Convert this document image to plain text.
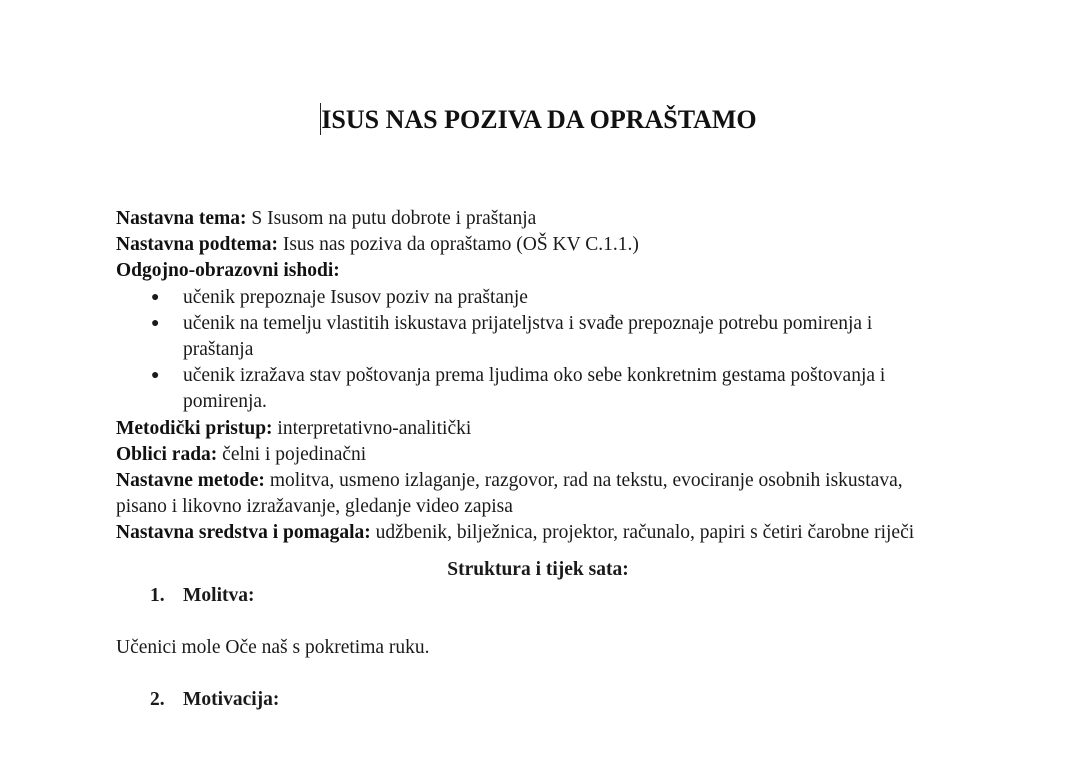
ISUS NAS POZIVA DA OPRAŠTAMO

Nastavna tema: S Isusom na putu dobrote i praštanja

Nastavna podtema: Isus nas poziva da opraštamo (OŠ KV C.1.1.)

Odgojno-obrazovni ishodi:

● učenik prepoznaje Isusov poziv na praštanje
● učenik na temelju vlastitih iskustava prijateljstva i svađe prepoznaje potrebu pomirenja i praštanja
● učenik izražava stav poštovanja prema ljudima oko sebe konkretnim gestama poštovanja i pomirenja.

Metodički pristup: interpretativno-analitički

Oblici rada: čelni i pojedinačni

Nastavne metode: molitva, usmeno izlaganje, razgovor, rad na tekstu, evociranje osobnih iskustava, pisano i likovno izražavanje, gledanje video zapisa

Nastavna sredstva i pomagala: udžbenik, bilježnica, projektor, računalo, papiri s četiri čarobne riječi

Struktura i tijek sata:

1. Molitva:

Učenici mole Oče naš s pokretima ruku.

2. Motivacija:
